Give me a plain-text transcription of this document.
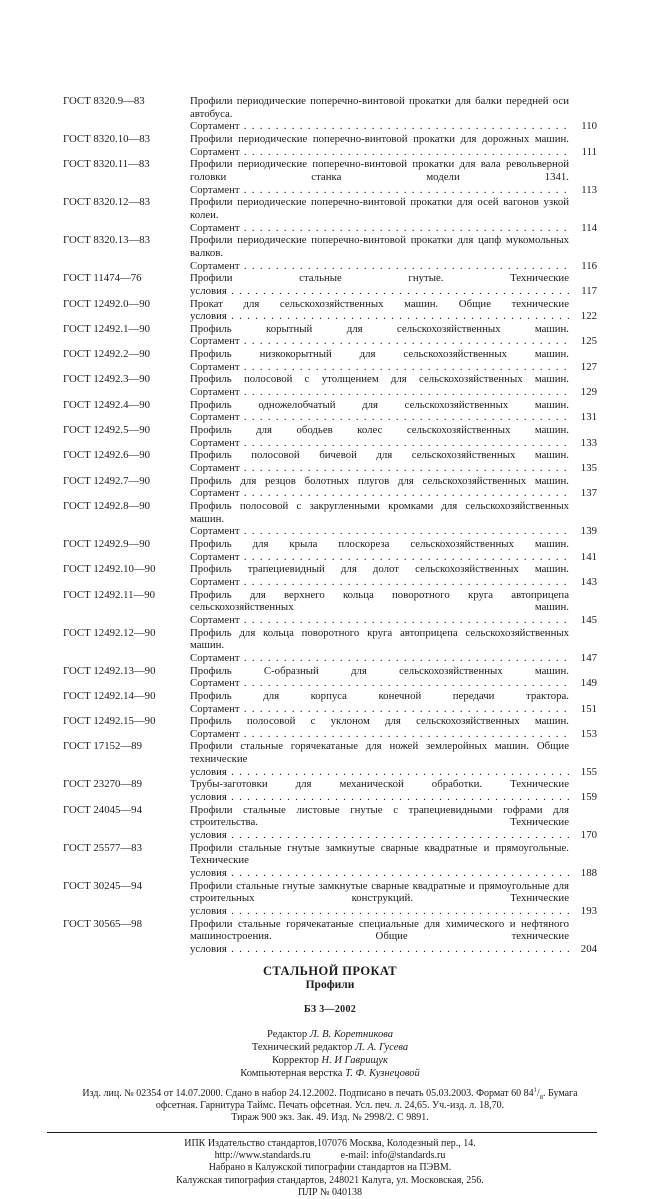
ГОСТ 8320.9—83	Профили периодические поперечно-винтовой прокатки для балки передней оси автобуса. Сортамент . . .	110
ГОСТ 8320.10—83	Профили периодические поперечно-винтовой прокатки для дорожных машин. Сортамент . . .	111
ГОСТ 8320.11—83	Профили периодические поперечно-винтовой прокатки для вала револьверной головки станка модели 1341. Сортамент . . .	113
ГОСТ 8320.12—83	Профили периодические поперечно-винтовой прокатки для осей вагонов узкой колеи. Сортамент . . .	114
ГОСТ 8320.13—83	Профили периодические поперечно-винтовой прокатки для цапф мукомольных валков. Сортамент . . .	116
ГОСТ 11474—76	Профили стальные гнутые. Технические условия . . .	117
ГОСТ 12492.0—90	Прокат для сельскохозяйственных машин. Общие технические условия . . .	122
ГОСТ 12492.1—90	Профиль корытный для сельскохозяйственных машин. Сортамент . . .	125
ГОСТ 12492.2—90	Профиль низкокорытный для сельскохозяйственных машин. Сортамент . . .	127
ГОСТ 12492.3—90	Профиль полосовой с утолщением для сельскохозяйственных машин. Сортамент . . .	129
ГОСТ 12492.4—90	Профиль одножелобчатый для сельскохозяйственных машин. Сортамент . . .	131
ГОСТ 12492.5—90	Профиль для ободьев колес сельскохозяйственных машин. Сортамент . . .	133
ГОСТ 12492.6—90	Профиль полосовой бичевой для сельскохозяйственных машин. Сортамент . . .	135
ГОСТ 12492.7—90	Профиль для резцов болотных плугов для сельскохозяйственных машин. Сортамент . . .	137
ГОСТ 12492.8—90	Профиль полосовой с закругленными кромками для сельскохозяйственных машин. Сортамент . . .	139
ГОСТ 12492.9—90	Профиль для крыла плоскореза сельскохозяйственных машин. Сортамент . . .	141
ГОСТ 12492.10—90	Профиль трапециевидный для долот сельскохозяйственных машин. Сортамент . . .	143
ГОСТ 12492.11—90	Профиль для верхнего кольца поворотного круга автоприцепа сельскохозяйственных машин. Сортамент . . .	145
ГОСТ 12492.12—90	Профиль для кольца поворотного круга автоприцепа сельскохозяйственных машин. Сортамент . . .	147
ГОСТ 12492.13—90	Профиль С-образный для сельскохозяйственных машин. Сортамент . . .	149
ГОСТ 12492.14—90	Профиль для корпуса конечной передачи трактора. Сортамент . . .	151
ГОСТ 12492.15—90	Профиль полосовой с уклоном для сельскохозяйственных машин. Сортамент . . .	153
ГОСТ 17152—89	Профили стальные горячекатаные для ножей землеройных машин. Общие технические условия . . .	155
ГОСТ 23270—89	Трубы-заготовки для механической обработки. Технические условия . . .	159
ГОСТ 24045—94	Профили стальные листовые гнутые с трапециевидными гофрами для строительства. Технические условия . . .	170
ГОСТ 25577—83	Профили стальные гнутые замкнутые сварные квадратные и прямоугольные. Технические условия . . .	188
ГОСТ 30245—94	Профили стальные гнутые замкнутые сварные квадратные и прямоугольные для строительных конструкций. Технические условия . . .	193
ГОСТ 30565—98	Профили стальные горячекатаные специальные для химического и нефтяного машиностроения. Общие технические условия . . .	204
СТАЛЬНОЙ ПРОКАТ
Профили
БЗ 3—2002
Редактор Л. В. Коретникова
Технический редактор Л. А. Гусева
Корректор Н. И Гаврищук
Компьютерная верстка Т. Ф. Кузнецовой
Изд. лиц. № 02354 от 14.07.2000. Сдано в набор 24.12.2002. Подписано в печать 05.03.2003. Формат 60 $84^1/_8$. Бумага
офсетная. Гарнитура Таймс. Печать офсетная. Усл. печ. л. 24,65. Уч.-изд. л. 18,70.
Тираж 900 экз. Зак. 49. Изд. № 2998/2. С 9891.
ИПК Издательство стандартов,107076 Москва, Колодезный пер., 14.
http://www.standards.ru	e-mail: info@standards.ru
Набрано в Калужской типографии стандартов на ПЭВМ.
Калужская типография стандартов, 248021 Калуга, ул. Московская, 256.
ПЛР № 040138
